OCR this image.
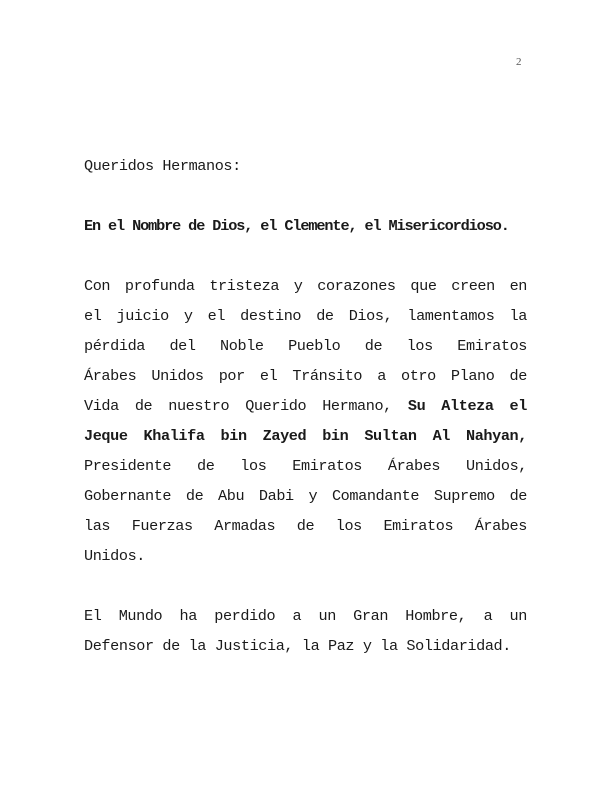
2
Queridos Hermanos:
En el Nombre de Dios, el Clemente, el Misericordioso.
Con profunda tristeza y corazones que creen en
el juicio y el destino de Dios, lamentamos la
pérdida del Noble Pueblo de los Emiratos
Árabes Unidos por el Tránsito a otro Plano de
Vida de nuestro Querido Hermano, Su Alteza el
Jeque Khalifa bin Zayed bin Sultan Al Nahyan,
Presidente de los Emiratos Árabes Unidos,
Gobernante de Abu Dabi y Comandante Supremo de
las Fuerzas Armadas de los Emiratos Árabes
Unidos.
El Mundo ha perdido a un Gran Hombre, a un
Defensor de la Justicia, la Paz y la Solidaridad.
